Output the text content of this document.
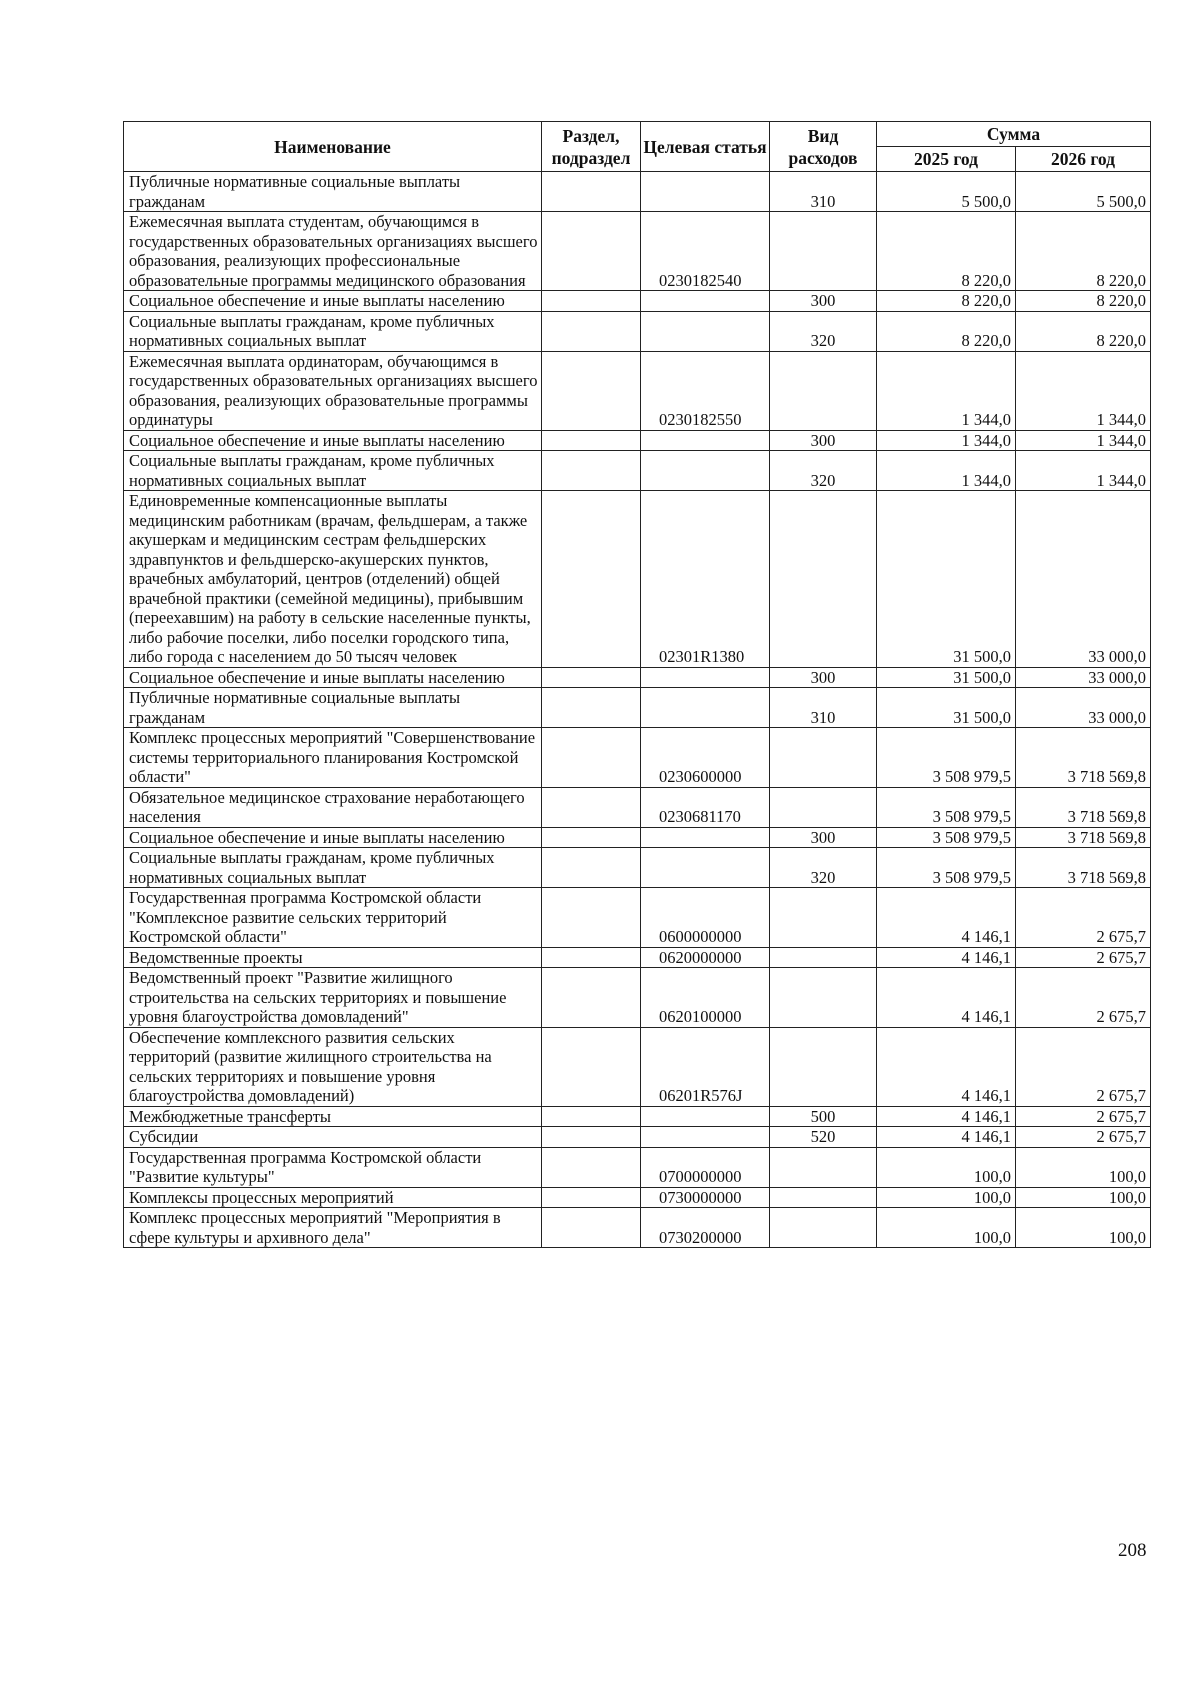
Наименование	Раздел, подраздел	Целевая статья	Вид расходов	Сумма	
				2025 год	2026 год
Публичные нормативные социальные выплаты гражданам			310	5 500,0	5 500,0
Ежемесячная выплата студентам, обучающимся в государственных образовательных организациях высшего образования, реализующих профессиональные образовательные программы медицинского образования		0230182540		8 220,0	8 220,0
Социальное обеспечение и иные выплаты населению			300	8 220,0	8 220,0
Социальные выплаты гражданам, кроме публичных нормативных социальных выплат			320	8 220,0	8 220,0
Ежемесячная выплата ординаторам, обучающимся в государственных образовательных организациях высшего образования, реализующих образовательные программы ординатуры		0230182550		1 344,0	1 344,0
Социальное обеспечение и иные выплаты населению			300	1 344,0	1 344,0
Социальные выплаты гражданам, кроме публичных нормативных социальных выплат			320	1 344,0	1 344,0
Единовременные компенсационные выплаты медицинским работникам (врачам, фельдшерам, а также акушеркам и медицинским сестрам фельдшерских здравпунктов и фельдшерско-акушерских пунктов, врачебных амбулаторий, центров (отделений) общей врачебной практики (семейной медицины), прибывшим (переехавшим) на работу в сельские населенные пункты, либо рабочие поселки, либо поселки городского типа, либо города с населением до 50 тысяч человек		02301R1380		31 500,0	33 000,0
Социальное обеспечение и иные выплаты населению			300	31 500,0	33 000,0
Публичные нормативные социальные выплаты гражданам			310	31 500,0	33 000,0
Комплекс процессных мероприятий "Совершенствование системы территориального планирования Костромской области"		0230600000		3 508 979,5	3 718 569,8
Обязательное медицинское страхование неработающего населения		0230681170		3 508 979,5	3 718 569,8
Социальное обеспечение и иные выплаты населению			300	3 508 979,5	3 718 569,8
Социальные выплаты гражданам, кроме публичных нормативных социальных выплат			320	3 508 979,5	3 718 569,8
Государственная программа Костромской области "Комплексное развитие сельских территорий Костромской области"		0600000000		4 146,1	2 675,7
Ведомственные проекты		0620000000		4 146,1	2 675,7
Ведомственный проект "Развитие жилищного строительства на сельских территориях и повышение уровня благоустройства домовладений"		0620100000		4 146,1	2 675,7
Обеспечение комплексного развития сельских территорий (развитие жилищного строительства на сельских территориях и повышение уровня благоустройства домовладений)		06201R576J		4 146,1	2 675,7
Межбюджетные трансферты			500	4 146,1	2 675,7
Субсидии			520	4 146,1	2 675,7
Государственная программа Костромской области "Развитие культуры"		0700000000		100,0	100,0
Комплексы процессных мероприятий		0730000000		100,0	100,0
Комплекс процессных мероприятий "Мероприятия в сфере культуры и архивного дела"		0730200000		100,0	100,0
208
